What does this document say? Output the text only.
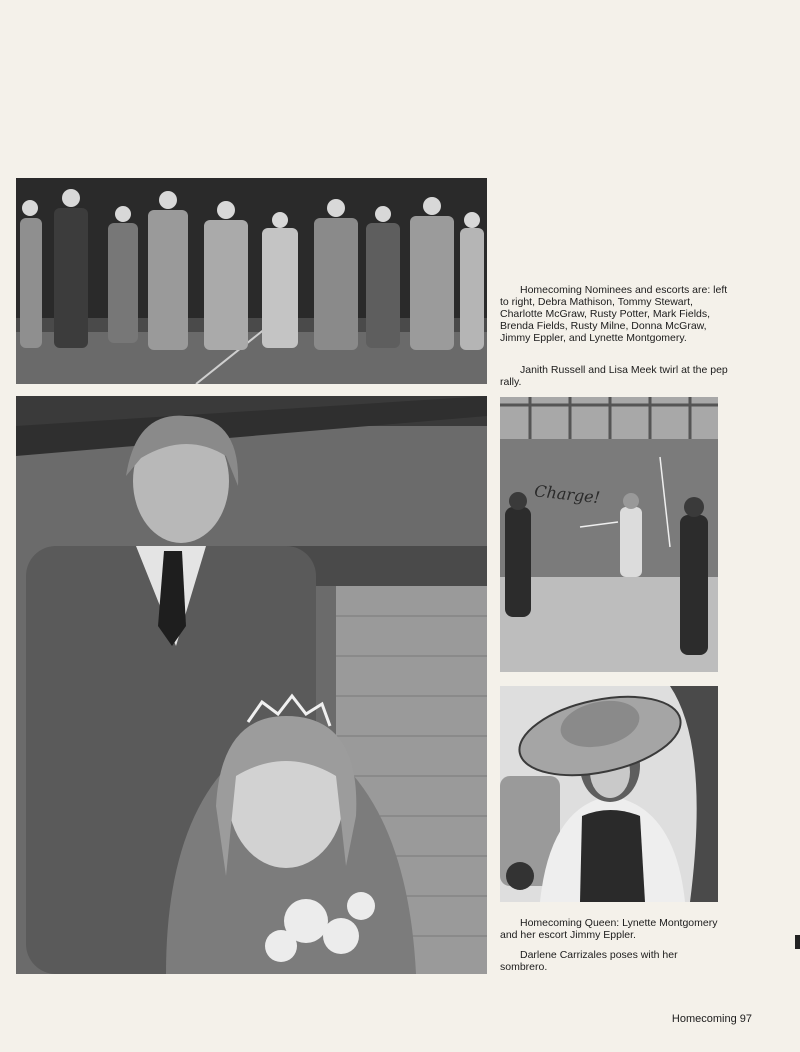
Homecoming Nominees and escorts are: left to right, Debra Mathison, Tommy Stewart, Charlotte McGraw, Rusty Potter, Mark Fields, Brenda Fields, Rusty Milne, Donna McGraw, Jimmy Eppler, and Lynette Montgomery.

Janith Russell and Lisa Meek twirl at the pep rally.

Charge!

Homecoming Queen: Lynette Montgomery and her escort Jimmy Eppler.

Darlene Carrizales poses with her sombrero.

Homecoming 97
